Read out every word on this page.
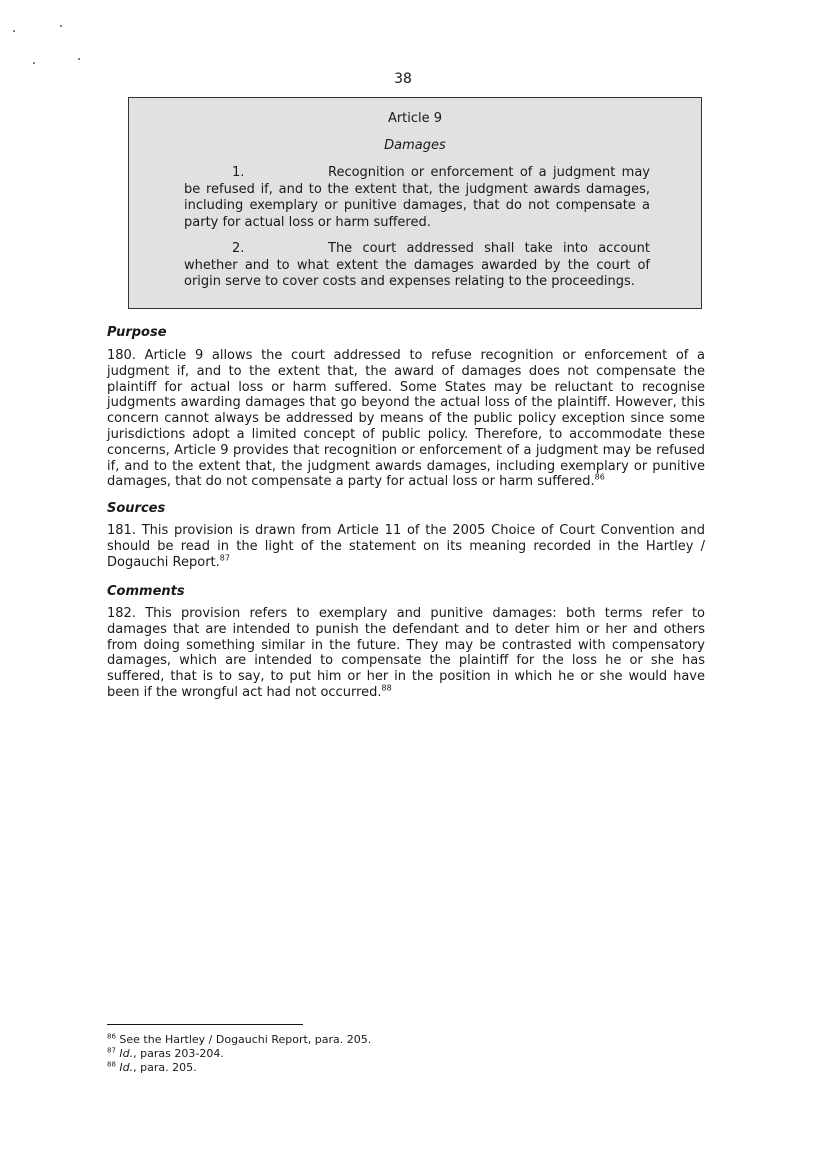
38
Article 9
Damages
1.	Recognition or enforcement of a judgment may be refused if, and to the extent that, the judgment awards damages, including exemplary or punitive damages, that do not compensate a party for actual loss or harm suffered.
2.	The court addressed shall take into account whether and to what extent the damages awarded by the court of origin serve to cover costs and expenses relating to the proceedings.
Purpose
180. Article 9 allows the court addressed to refuse recognition or enforcement of a judgment if, and to the extent that, the award of damages does not compensate the plaintiff for actual loss or harm suffered. Some States may be reluctant to recognise judgments awarding damages that go beyond the actual loss of the plaintiff. However, this concern cannot always be addressed by means of the public policy exception since some jurisdictions adopt a limited concept of public policy. Therefore, to accommodate these concerns, Article 9 provides that recognition or enforcement of a judgment may be refused if, and to the extent that, the judgment awards damages, including exemplary or punitive damages, that do not compensate a party for actual loss or harm suffered.$^{86}$
Sources
181. This provision is drawn from Article 11 of the 2005 Choice of Court Convention and should be read in the light of the statement on its meaning recorded in the Hartley / Dogauchi Report.$^{87}$
Comments
182. This provision refers to exemplary and punitive damages: both terms refer to damages that are intended to punish the defendant and to deter him or her and others from doing something similar in the future. They may be contrasted with compensatory damages, which are intended to compensate the plaintiff for the loss he or she has suffered, that is to say, to put him or her in the position in which he or she would have been if the wrongful act had not occurred.$^{88}$
$^{86}$ See the Hartley / Dogauchi Report, para. 205.
$^{87}$ Id., paras 203-204.
$^{88}$ Id., para. 205.
